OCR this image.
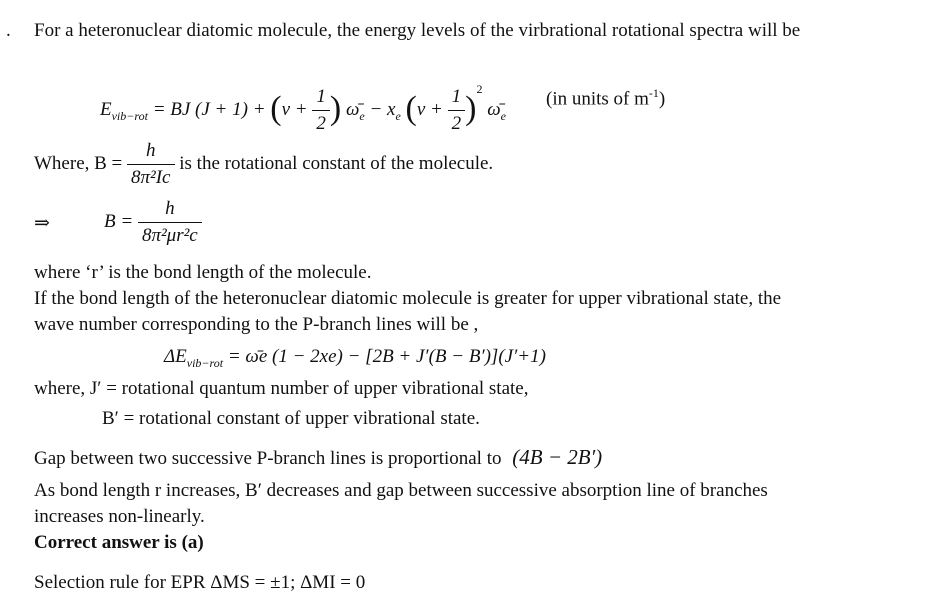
. For a heteronuclear diatomic molecule, the energy levels of the virbrational rotational spectra will be
$E_{vib-rot}$ = BJ $(J + 1) + (v + \frac{1}{2}$ ) $\omegā_e - x_e$ $(v + \frac{1}{2} )^2$ $\omegā_e$
(in units of $m^{-1}$)
Where, $B = \frac{h}{\text{8π²Ic}}$ is the rotational constant of the molecule.
⇒	$B = \frac{h}{\text{8π²μr²c}}$
where ‘r’ is the bond length of the molecule.
If the bond length of the heteronuclear diatomic molecule is greater for upper vibrational state, the
wave number corresponding to the P-branch lines will be ,
$\Delta E_{vib-rot}$ = ω̄e (1 − 2xe) − [2B + J′(B − B′)](J′+1)
where, J′ = rotational quantum number of upper vibrational state,
B′ = rotational constant of upper vibrational state.
Gap between two successive P-branch lines is proportional to (4B − 2B′)
As bond length r increases, B′ decreases and gap between successive absorption line of branches
increases non-linearly.
Correct answer is (a)
Selection rule for EPR ΔMS = ±1; ΔMI = 0
